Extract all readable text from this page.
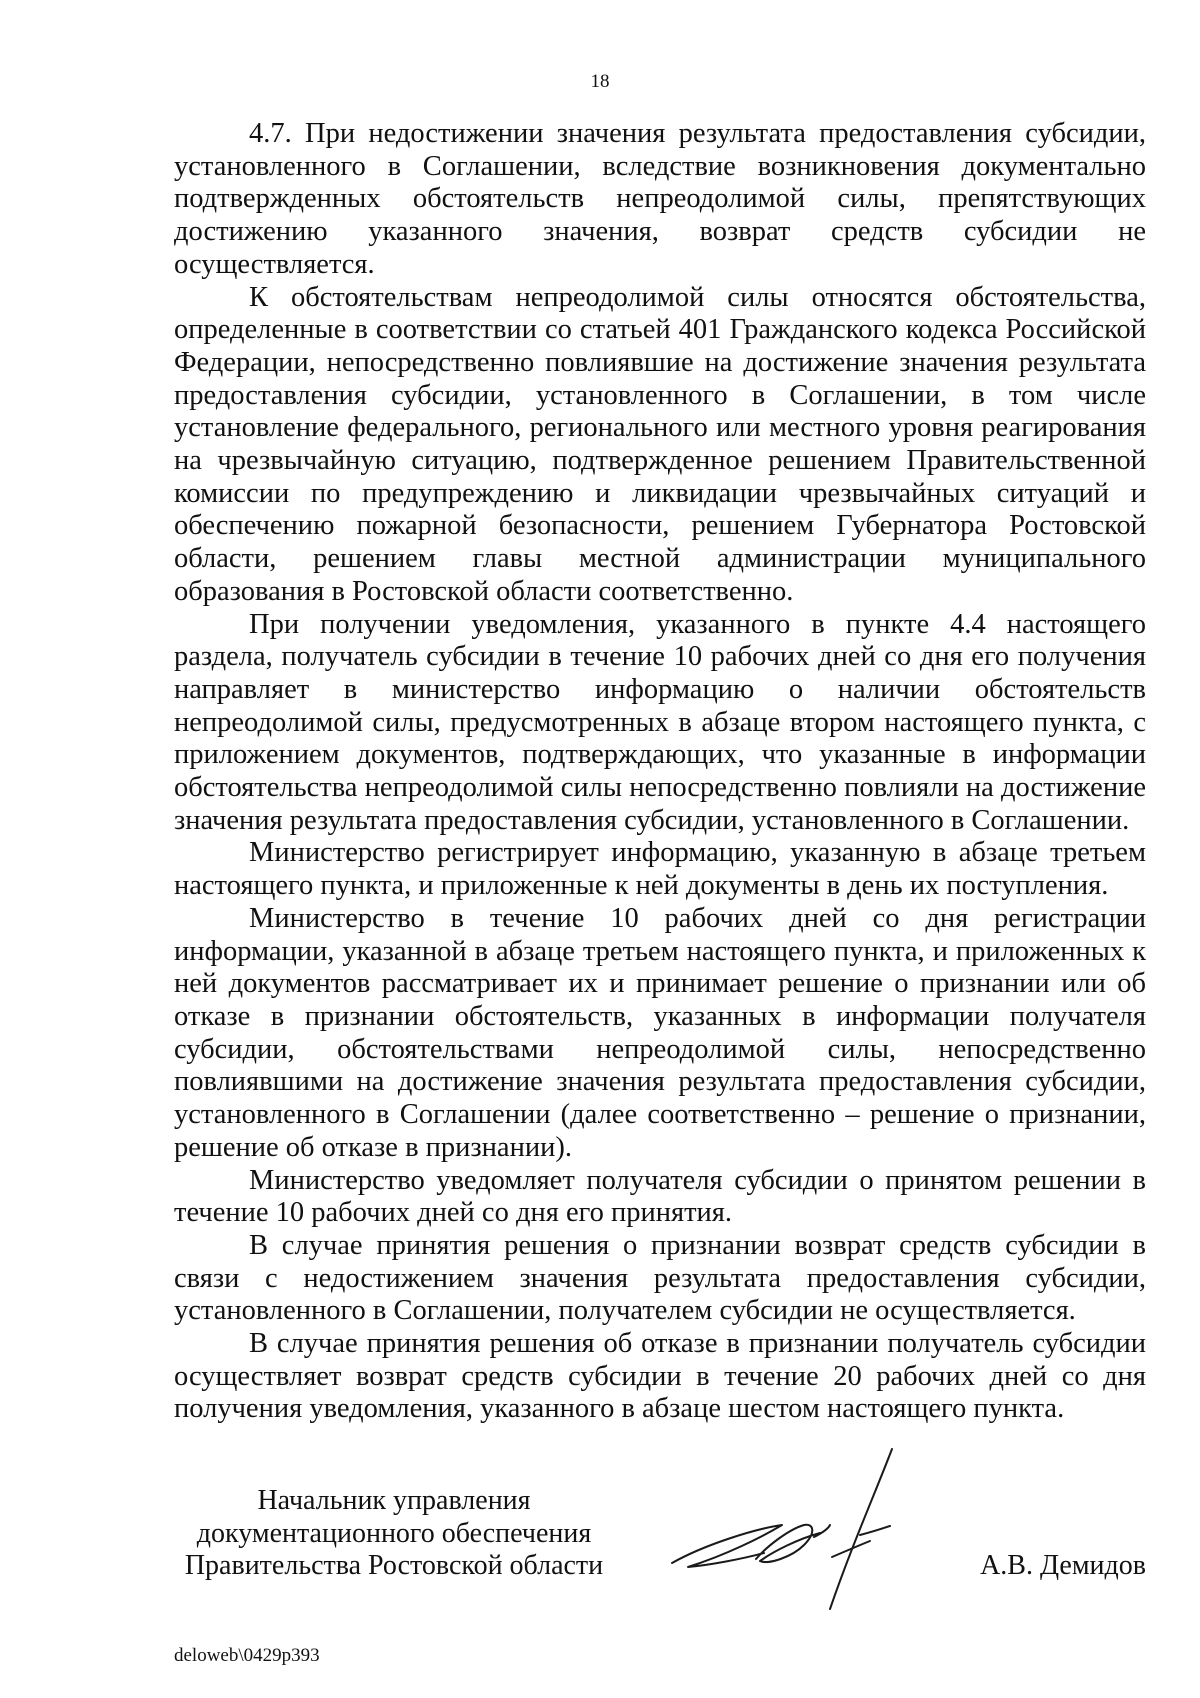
18

4.7. При недостижении значения результата предоставления субсидии, установленного в Соглашении, вследствие возникновения документально подтвержденных обстоятельств непреодолимой силы, препятствующих достижению указанного значения, возврат средств субсидии не осуществляется.

К обстоятельствам непреодолимой силы относятся обстоятельства, определенные в соответствии со статьей 401 Гражданского кодекса Российской Федерации, непосредственно повлиявшие на достижение значения результата предоставления субсидии, установленного в Соглашении, в том числе установление федерального, регионального или местного уровня реагирования на чрезвычайную ситуацию, подтвержденное решением Правительственной комиссии по предупреждению и ликвидации чрезвычайных ситуаций и обеспечению пожарной безопасности, решением Губернатора Ростовской области, решением главы местной администрации муниципального образования в Ростовской области соответственно.

При получении уведомления, указанного в пункте 4.4 настоящего раздела, получатель субсидии в течение 10 рабочих дней со дня его получения направляет в министерство информацию о наличии обстоятельств непреодолимой силы, предусмотренных в абзаце втором настоящего пункта, с приложением документов, подтверждающих, что указанные в информации обстоятельства непреодолимой силы непосредственно повлияли на достижение значения результата предоставления субсидии, установленного в Соглашении.

Министерство регистрирует информацию, указанную в абзаце третьем настоящего пункта, и приложенные к ней документы в день их поступления.

Министерство в течение 10 рабочих дней со дня регистрации информации, указанной в абзаце третьем настоящего пункта, и приложенных к ней документов рассматривает их и принимает решение о признании или об отказе в признании обстоятельств, указанных в информации получателя субсидии, обстоятельствами непреодолимой силы, непосредственно повлиявшими на достижение значения результата предоставления субсидии, установленного в Соглашении (далее соответственно – решение о признании, решение об отказе в признании).

Министерство уведомляет получателя субсидии о принятом решении в течение 10 рабочих дней со дня его принятия.

В случае принятия решения о признании возврат средств субсидии в связи с недостижением значения результата предоставления субсидии, установленного в Соглашении, получателем субсидии не осуществляется.

В случае принятия решения об отказе в признании получатель субсидии осуществляет возврат средств субсидии в течение 20 рабочих дней со дня получения уведомления, указанного в абзаце шестом настоящего пункта.

Начальник управления
документационного обеспечения
Правительства Ростовской области	А.В. Демидов
deloweb\0429p393
